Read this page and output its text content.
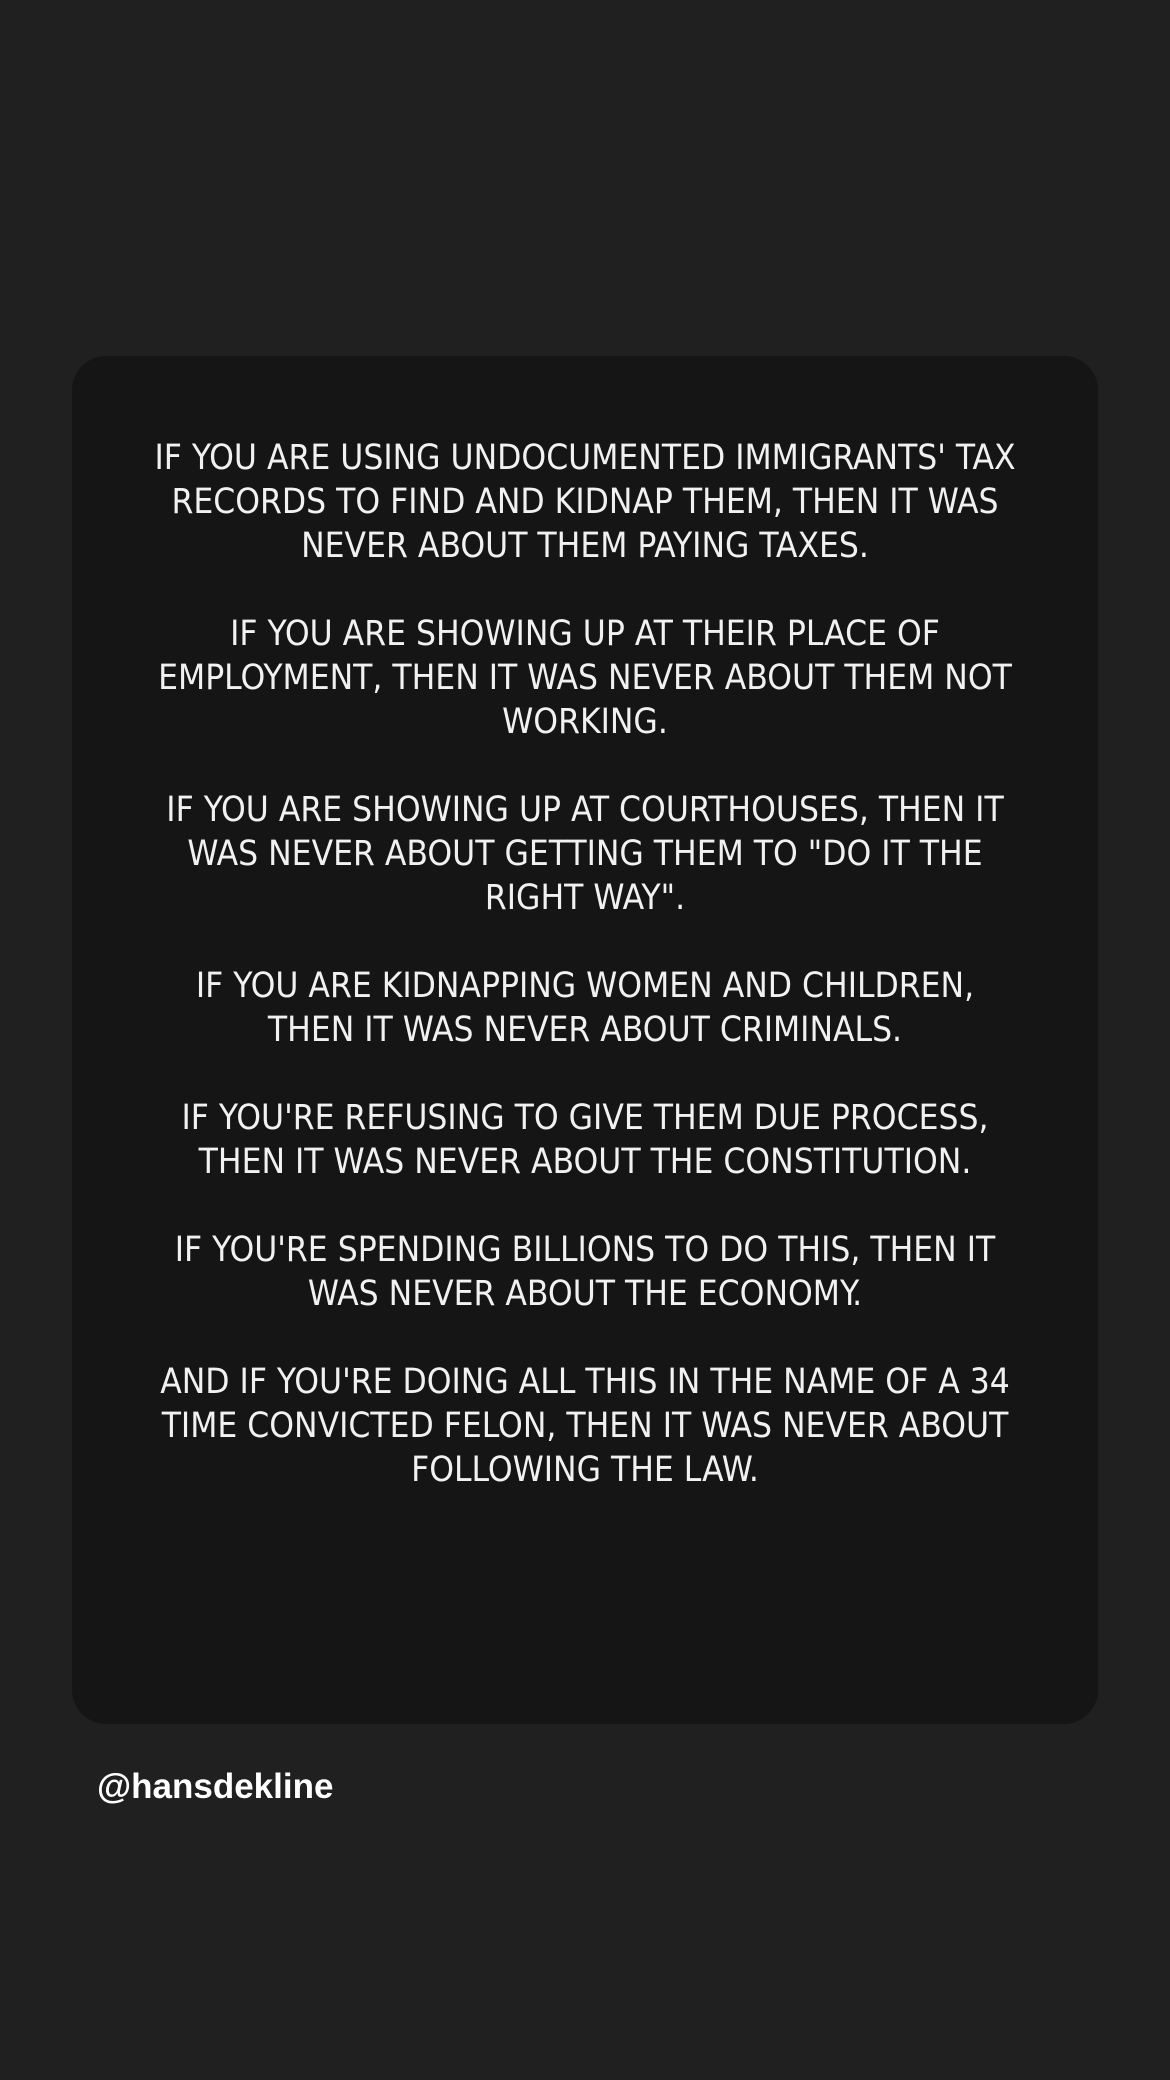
IF YOU ARE USING UNDOCUMENTED IMMIGRANTS' TAX
RECORDS TO FIND AND KIDNAP THEM, THEN IT WAS
NEVER ABOUT THEM PAYING TAXES.

IF YOU ARE SHOWING UP AT THEIR PLACE OF
EMPLOYMENT, THEN IT WAS NEVER ABOUT THEM NOT
WORKING.

IF YOU ARE SHOWING UP AT COURTHOUSES, THEN IT
WAS NEVER ABOUT GETTING THEM TO "DO IT THE
RIGHT WAY".

IF YOU ARE KIDNAPPING WOMEN AND CHILDREN,
THEN IT WAS NEVER ABOUT CRIMINALS.

IF YOU'RE REFUSING TO GIVE THEM DUE PROCESS,
THEN IT WAS NEVER ABOUT THE CONSTITUTION.

IF YOU'RE SPENDING BILLIONS TO DO THIS, THEN IT
WAS NEVER ABOUT THE ECONOMY.

AND IF YOU'RE DOING ALL THIS IN THE NAME OF A 34
TIME CONVICTED FELON, THEN IT WAS NEVER ABOUT
FOLLOWING THE LAW.

@hansdekline
